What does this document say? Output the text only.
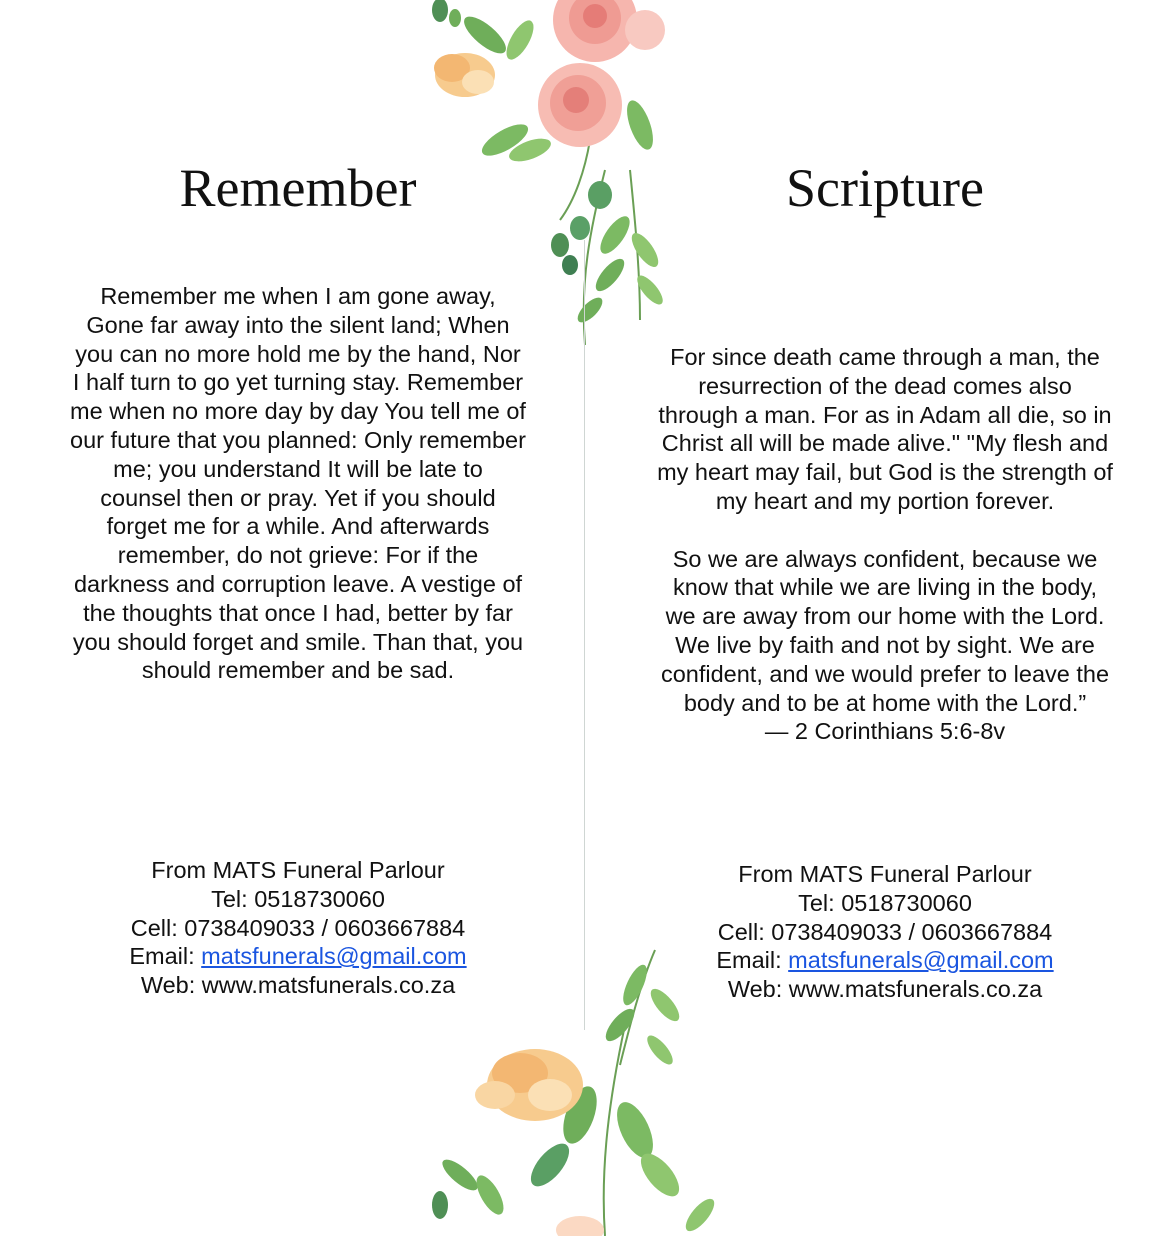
Remember

Remember me when I am gone away, Gone far away into the silent land; When you can no more hold me by the hand, Nor I half turn to go yet turning stay. Remember me when no more day by day You tell me of our future that you planned: Only remember me; you understand It will be late to counsel then or pray. Yet if you should forget me for a while. And afterwards remember, do not grieve: For if the darkness and corruption leave. A vestige of the thoughts that once I had, better by far you should forget and smile. Than that, you should remember and be sad.

From MATS Funeral Parlour
Tel: 0518730060
Cell: 0738409033 / 0603667884
Email: matsfunerals@gmail.com
Web: www.matsfunerals.co.za
Scripture

For since death came through a man, the resurrection of the dead comes also through a man. For as in Adam all die, so in Christ all will be made alive." "My flesh and my heart may fail, but God is the strength of my heart and my portion forever.

So we are always confident, because we know that while we are living in the body, we are away from our home with the Lord. We live by faith and not by sight. We are confident, and we would prefer to leave the body and to be at home with the Lord.”

— 2 Corinthians 5:6-8v

From MATS Funeral Parlour
Tel: 0518730060
Cell: 0738409033 / 0603667884
Email: matsfunerals@gmail.com
Web: www.matsfunerals.co.za
